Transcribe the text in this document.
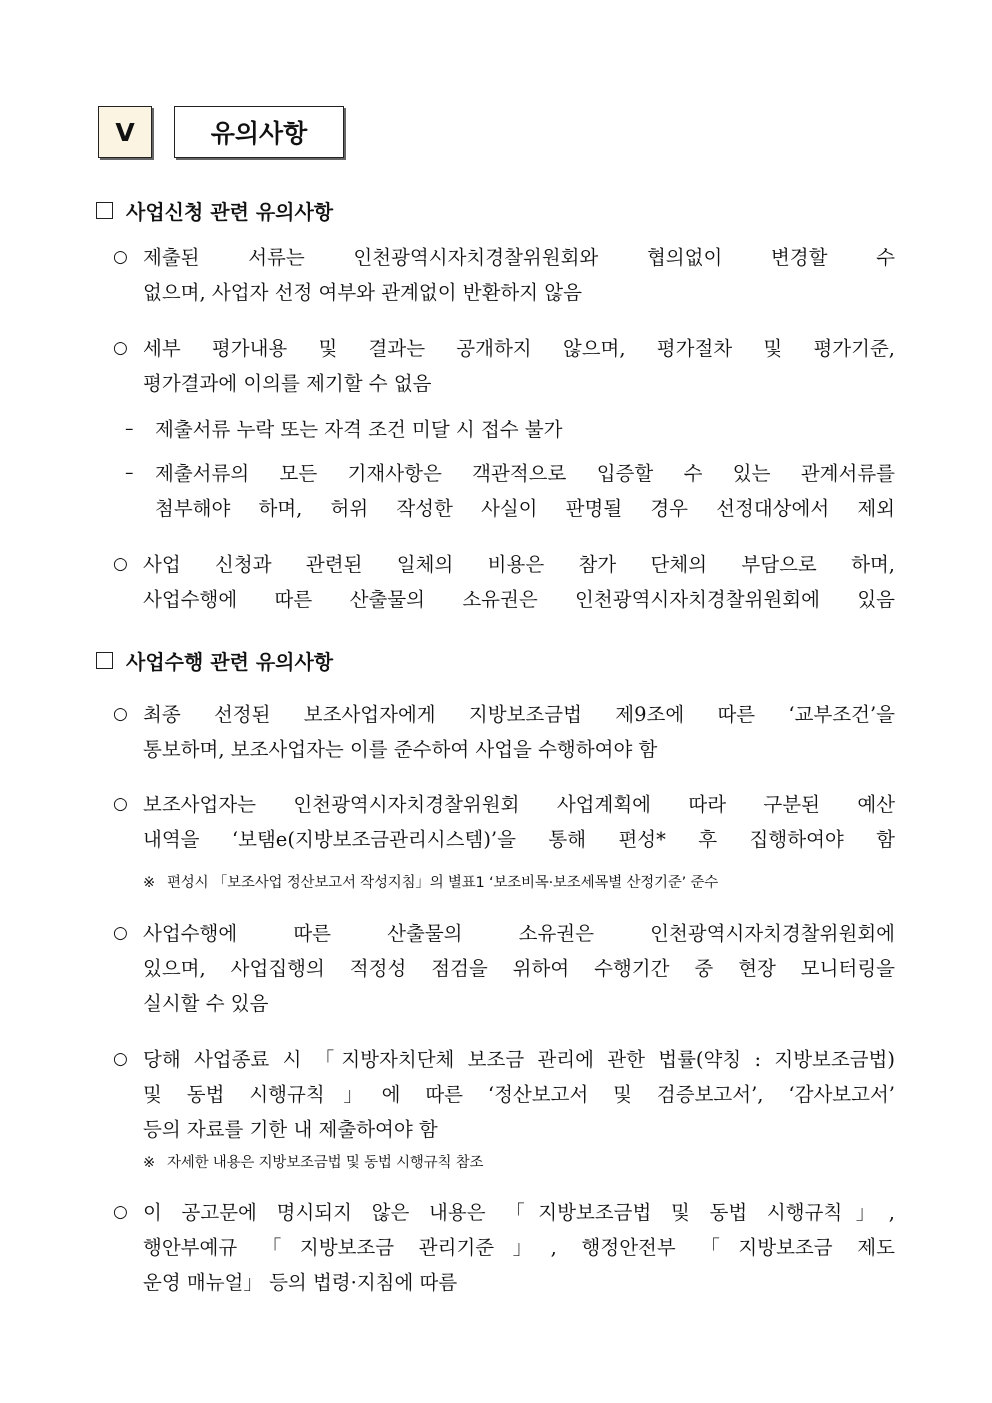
Ⅴ	유의사항
사업신청 관련 유의사항
○ 제출된 서류는 인천광역시자치경찰위원회와 협의없이 변경할 수
없으며, 사업자 선정 여부와 관계없이 반환하지 않음
○ 세부 평가내용 및 결과는 공개하지 않으며, 평가절차 및 평가기준,
평가결과에 이의를 제기할 수 없음
– 제출서류 누락 또는 자격 조건 미달 시 접수 불가
– 제출서류의 모든 기재사항은 객관적으로 입증할 수 있는 관계서류를
첨부해야 하며, 허위 작성한 사실이 판명될 경우 선정대상에서 제외
○ 사업 신청과 관련된 일체의 비용은 참가 단체의 부담으로 하며,
사업수행에 따른 산출물의 소유권은 인천광역시자치경찰위원회에 있음
사업수행 관련 유의사항
○ 최종 선정된 보조사업자에게 지방보조금법 제9조에 따른 ‘교부조건’을
통보하며, 보조사업자는 이를 준수하여 사업을 수행하여야 함
○ 보조사업자는 인천광역시자치경찰위원회 사업계획에 따라 구분된 예산
내역을 ‘보탬e(지방보조금관리시스템)’을 통해 편성* 후 집행하여야 함
※ 편성시 「보조사업 정산보고서 작성지침」의 별표1 ‘보조비목·보조세목별 산정기준’ 준수
○ 사업수행에 따른 산출물의 소유권은 인천광역시자치경찰위원회에
있으며, 사업집행의 적정성 점검을 위하여 수행기간 중 현장 모니터링을
실시할 수 있음
○ 당해 사업종료 시 「지방자치단체 보조금 관리에 관한 법률(약칭 : 지방보조금법)
및 동법 시행규칙」에 따른 ‘정산보고서 및 검증보고서’, ‘감사보고서’
등의 자료를 기한 내 제출하여야 함
※ 자세한 내용은 지방보조금법 및 동법 시행규칙 참조
○ 이 공고문에 명시되지 않은 내용은 「지방보조금법 및 동법 시행규칙」,
행안부예규 「지방보조금 관리기준」, 행정안전부 「지방보조금 제도
운영 매뉴얼」 등의 법령·지침에 따름
